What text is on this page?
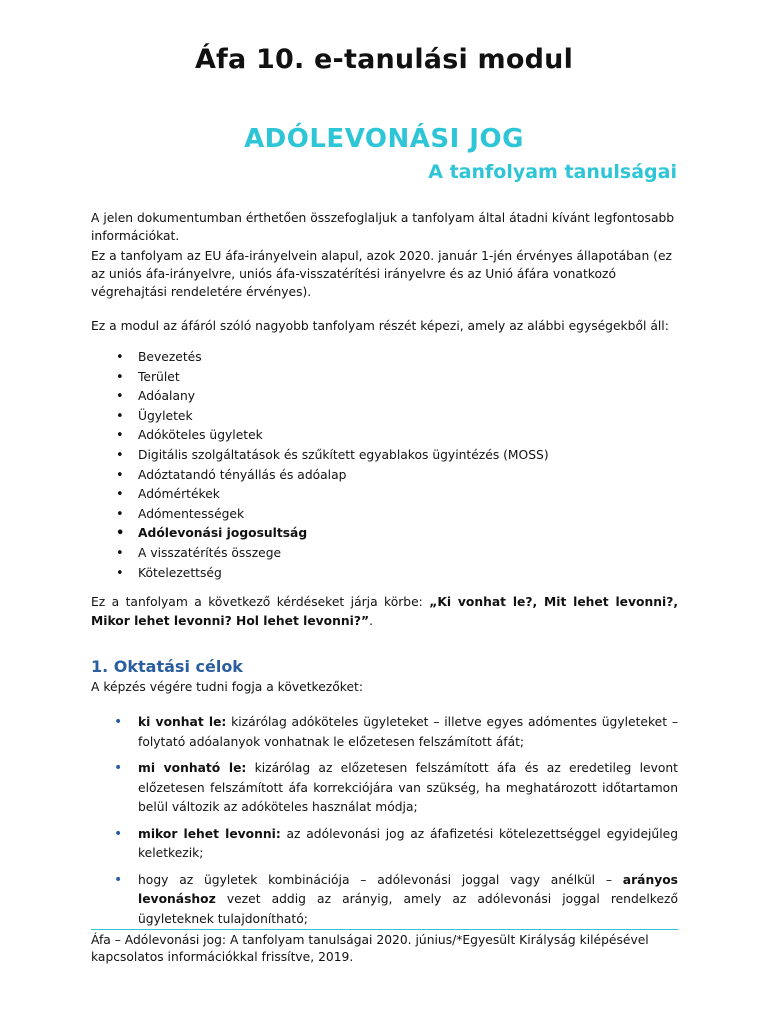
Áfa 10. e-tanulási modul
ADÓLEVONÁSI JOG
A tanfolyam tanulságai
A jelen dokumentumban érthetően összefoglaljuk a tanfolyam által átadni kívánt legfontosabb információkat.
Ez a tanfolyam az EU áfa-irányelvein alapul, azok 2020. január 1-jén érvényes állapotában (ez az uniós áfa-irányelvre, uniós áfa-visszatérítési irányelvre és az Unió áfára vonatkozó végrehajtási rendeletére érvényes).
Ez a modul az áfáról szóló nagyobb tanfolyam részét képezi, amely az alábbi egységekből áll:
• Bevezetés
• Terület
• Adóalany
• Ügyletek
• Adóköteles ügyletek
• Digitális szolgáltatások és szűkített egyablakos ügyintézés (MOSS)
• Adóztatandó tényállás és adóalap
• Adómértékek
• Adómentességek
• Adólevonási jogosultság
• A visszatérítés összege
• Kötelezettség
Ez a tanfolyam a következő kérdéseket járja körbe: „Ki vonhat le?, Mit lehet levonni?, Mikor lehet levonni? Hol lehet levonni?”.
1. Oktatási célok
A képzés végére tudni fogja a következőket:
• ki vonhat le: kizárólag adóköteles ügyleteket – illetve egyes adómentes ügyleteket – folytató adóalanyok vonhatnak le előzetesen felszámított áfát;
• mi vonható le: kizárólag az előzetesen felszámított áfa és az eredetileg levont előzetesen felszámított áfa korrekciójára van szükség, ha meghatározott időtartamon belül változik az adóköteles használat módja;
• mikor lehet levonni: az adólevonási jog az áfafizetési kötelezettséggel egyidejűleg keletkezik;
• hogy az ügyletek kombinációja – adólevonási joggal vagy anélkül – arányos levonáshoz vezet addig az arányig, amely az adólevonási joggal rendelkező ügyleteknek tulajdonítható;
Áfa – Adólevonási jog: A tanfolyam tanulságai 2020. június/*Egyesült Királyság kilépésével kapcsolatos információkkal frissítve, 2019.
